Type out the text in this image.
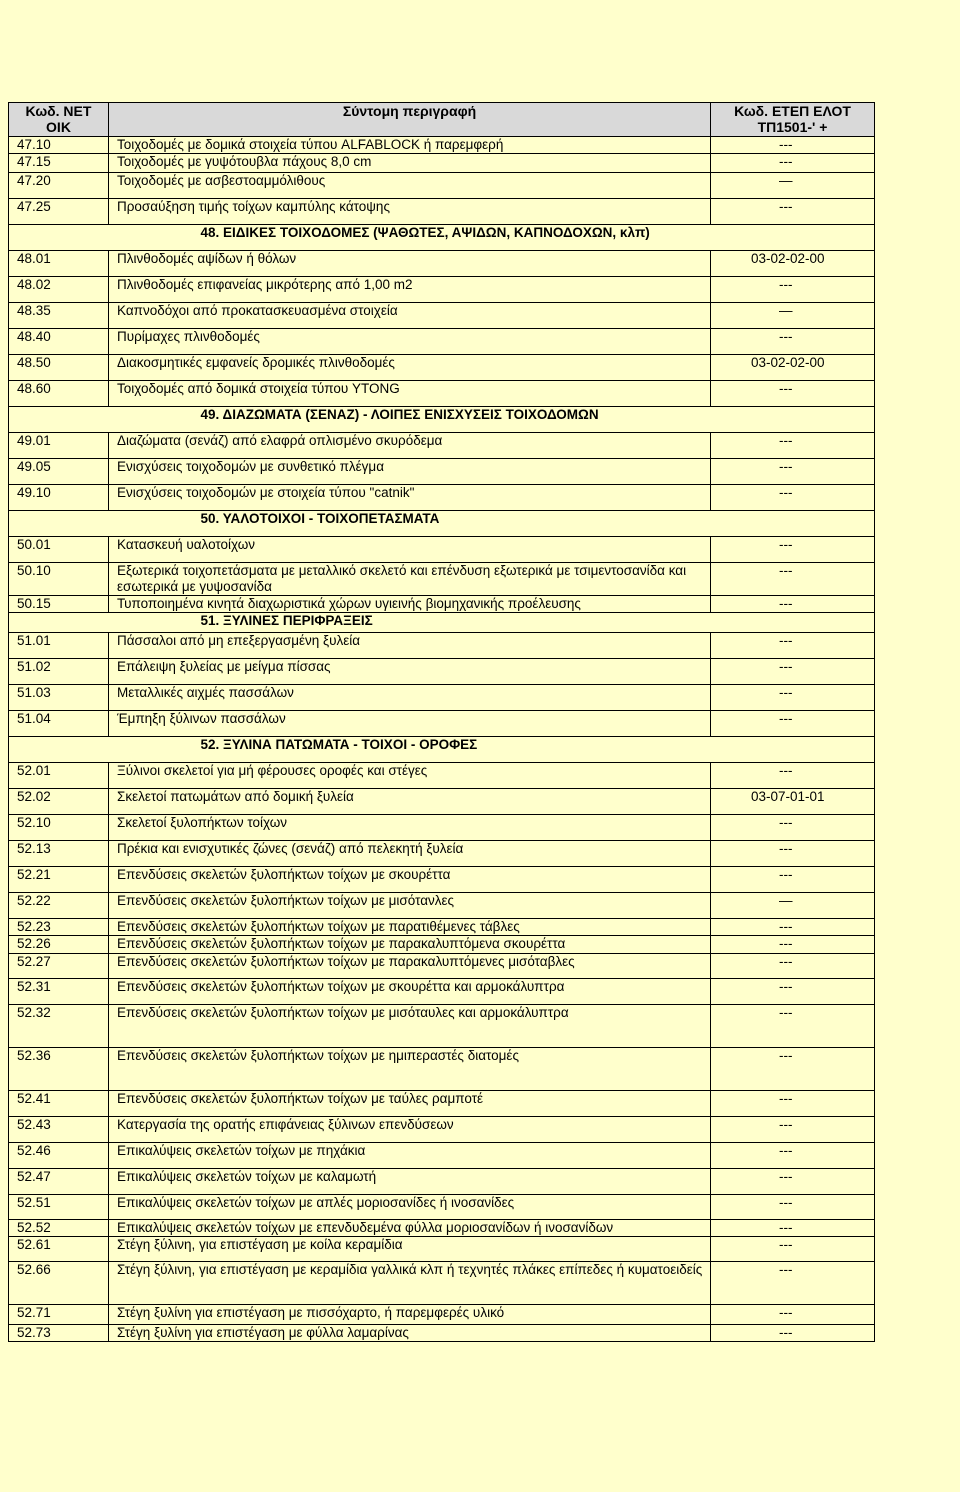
Κωδ. ΝΕΤ ΟΙΚ	Σύντομη περιγραφή	Κωδ. ΕΤΕΠ ΕΛΟΤ ΤΠ1501-' +
47.10	Τοιχοδομές με δομικά στοιχεία τύπου ALFABLOCK ή παρεμφερή	---
47.15	Τοιχοδομές με γυψότουβλα πάχους 8,0 cm	---
47.20	Τοιχοδομές με ασβεστοαμμόλιθους	—
47.25	Προσαύξηση τιμής τοίχων καμπύλης κάτοψης	---
	48. ΕΙΔΙΚΕΣ ΤΟΙΧΟΔΟΜΕΣ (ΨΑΘΩΤΕΣ, ΑΨΙΔΩΝ, ΚΑΠΝΟΔΟΧΩΝ, κλπ)	
48.01	Πλινθοδομές αψίδων ή θόλων	03-02-02-00
48.02	Πλινθοδομές επιφανείας μικρότερης από 1,00 m2	---
48.35	Καπνοδόχοι από προκατασκευασμένα στοιχεία	—
48.40	Πυρίμαχες πλινθοδομές	---
48.50	Διακοσμητικές εμφανείς δρομικές πλινθοδομές	03-02-02-00
48.60	Τοιχοδομές από δομικά στοιχεία τύπου YTONG	---
	49. ΔΙΑΖΩΜΑΤΑ (ΣΕΝΑΖ) - ΛΟΙΠΕΣ ΕΝΙΣΧΥΣΕΙΣ ΤΟΙΧΟΔΟΜΩΝ	
49.01	Διαζώματα (σενάζ) από ελαφρά οπλισμένο σκυρόδεμα	---
49.05	Ενισχύσεις τοιχοδομών με συνθετικό πλέγμα	---
49.10	Ενισχύσεις τοιχοδομών με στοιχεία τύπου "catnik"	---
	50. ΥΑΛΟΤΟΙΧΟΙ - ΤΟΙΧΟΠΕΤΑΣΜΑΤΑ	
50.01	Κατασκευή υαλοτοίχων	---
50.10	Εξωτερικά τοιχοπετάσματα με μεταλλικό σκελετό και επένδυση εξωτερικά με τσιμεντοσανίδα και εσωτερικά με γυψοσανίδα	---
50.15	Τυποποιημένα κινητά διαχωριστικά χώρων υγιεινής βιομηχανικής προέλευσης	---
	51. ΞΥΛΙΝΕΣ ΠΕΡΙΦΡΑΞΕΙΣ	
51.01	Πάσσαλοι από μη επεξεργασμένη ξυλεία	---
51.02	Επάλειψη ξυλείας με μείγμα πίσσας	---
51.03	Μεταλλικές αιχμές πασσάλων	---
51.04	Έμπηξη ξύλινων πασσάλων	---
	52. ΞΥΛΙΝΑ ΠΑΤΩΜΑΤΑ - ΤΟΙΧΟΙ - ΟΡΟΦΕΣ	
52.01	Ξύλινοι σκελετοί για μή φέρουσες οροφές και στέγες	---
52.02	Σκελετοί πατωμάτων από δομική ξυλεία	03-07-01-01
52.10	Σκελετοί ξυλοπήκτων τοίχων	---
52.13	Πρέκια και ενισχυτικές ζώνες (σενάζ) από πελεκητή ξυλεία	---
52.21	Επενδύσεις σκελετών ξυλοπήκτων τοίχων με σκουρέττα	---
52.22	Επενδύσεις σκελετών ξυλοπήκτων τοίχων με μισότανλες	—
52.23	Επενδύσεις σκελετών ξυλοπήκτων τοίχων με παρατιθέμενες τάβλες	---
52.26	Επενδύσεις σκελετών ξυλοπήκτων τοίχων με παρακαλυπτόμενα σκουρέττα	---
52.27	Επενδύσεις σκελετών ξυλοπήκτων τοίχων με παρακαλυπτόμενες μισόταβλες	---
52.31	Επενδύσεις σκελετών ξυλοπήκτων τοίχων με σκουρέττα και αρμοκάλυπτρα	---
52.32	Επενδύσεις σκελετών ξυλοπήκτων τοίχων με μισόταυλες και αρμοκάλυπτρα	---
52.36	Επενδύσεις σκελετών ξυλοπήκτων τοίχων με ημιπεραστές διατομές	---
52.41	Επενδύσεις σκελετών ξυλοπήκτων τοίχων με ταύλες ραμποτέ	---
52.43	Κατεργασία της ορατής επιφάνειας ξύλινων επενδύσεων	---
52.46	Επικαλύψεις σκελετών τοίχων με πηχάκια	---
52.47	Επικαλύψεις σκελετών τοίχων με καλαμωτή	---
52.51	Επικαλύψεις σκελετών τοίχων με απλές μοριοσανίδες ή ινοσανίδες	---
52.52	Επικαλύψεις σκελετών τοίχων με επενδυδεμένα φύλλα μοριοσανίδων ή ινοσανίδων	---
52.61	Στέγη ξύλινη, για επιστέγαση με κοίλα κεραμίδια	---
52.66	Στέγη ξύλινη, για επιστέγαση με κεραμίδια γαλλικά κλπ ή τεχνητές πλάκες επίπεδες ή κυματοειδείς	---
52.71	Στέγη ξυλίνη για επιστέγαση με πισσόχαρτο, ή παρεμφερές υλικό	---
52.73	Στέγη ξυλίνη για επιστέγαση με φύλλα λαμαρίνας	---
